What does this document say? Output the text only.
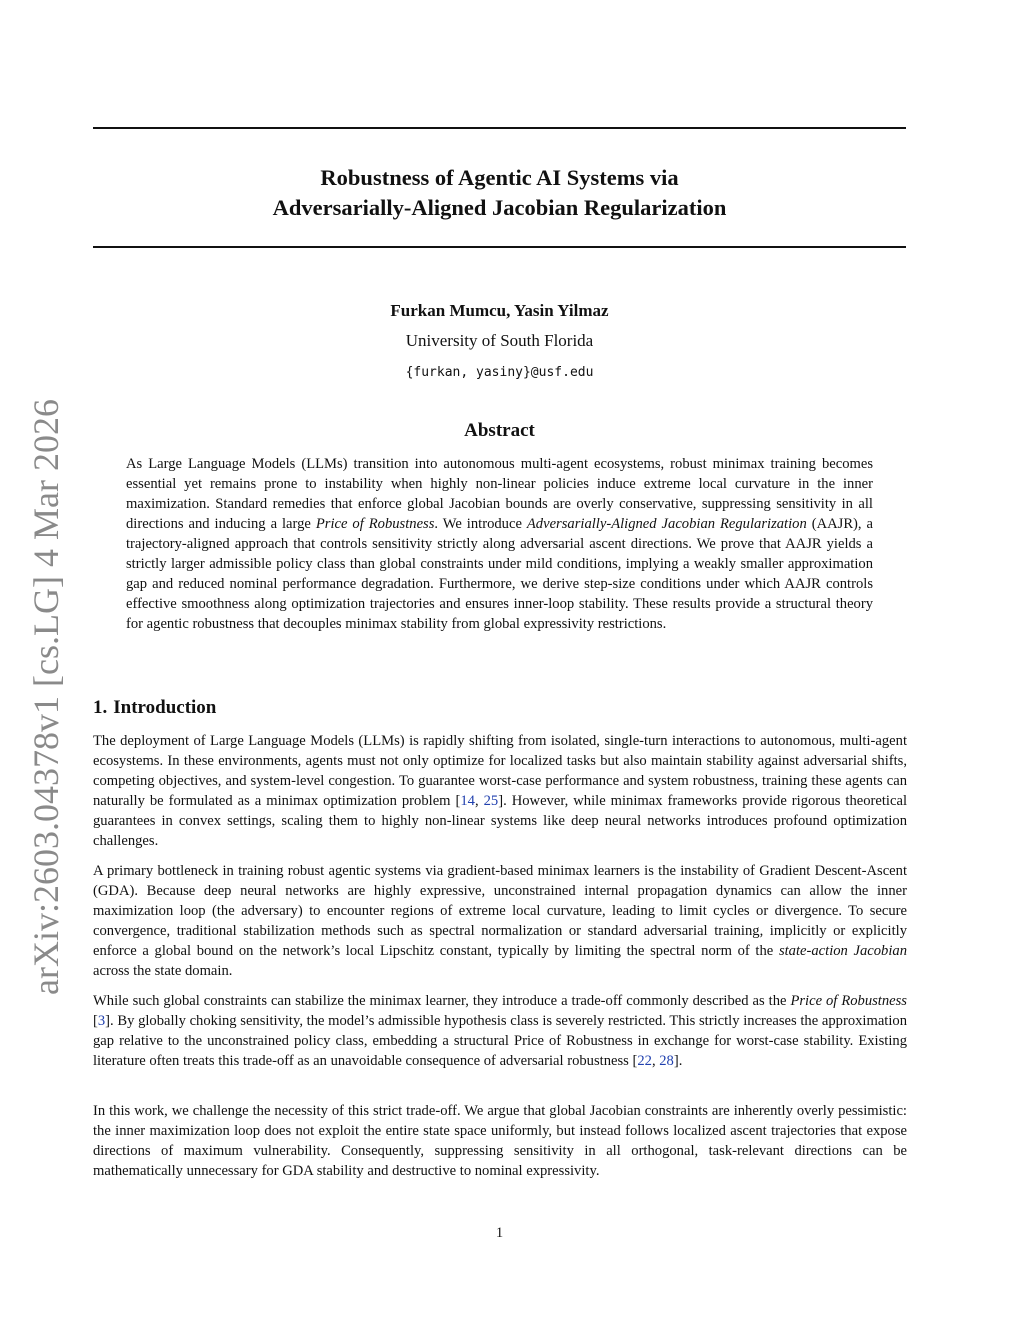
arXiv:2603.04378v1 [cs.LG] 4 Mar 2026
Robustness of Agentic AI Systems via
Adversarially-Aligned Jacobian Regularization

Furkan Mumcu, Yasin Yilmaz

University of South Florida

{furkan, yasiny}@usf.edu

Abstract

As Large Language Models (LLMs) transition into autonomous multi-agent ecosystems, robust minimax training becomes essential yet remains prone to instability when highly non-linear policies induce extreme local curvature in the inner maximization. Standard remedies that enforce global Jacobian bounds are overly conservative, suppressing sensitivity in all directions and inducing a large Price of Robustness. We introduce Adversarially-Aligned Jacobian Regularization (AAJR), a trajectory-aligned approach that controls sensitivity strictly along adversarial ascent directions. We prove that AAJR yields a strictly larger admissible policy class than global constraints under mild conditions, implying a weakly smaller approximation gap and reduced nominal performance degradation. Furthermore, we derive step-size conditions under which AAJR controls effective smoothness along optimization trajectories and ensures inner-loop stability. These results provide a structural theory for agentic robustness that decouples minimax stability from global expressivity restrictions.

1. Introduction

The deployment of Large Language Models (LLMs) is rapidly shifting from isolated, single-turn interactions to autonomous, multi-agent ecosystems. In these environments, agents must not only optimize for localized tasks but also maintain stability against adversarial shifts, competing objectives, and system-level congestion. To guarantee worst-case performance and system robustness, training these agents can naturally be formulated as a minimax optimization problem [14, 25]. However, while minimax frameworks provide rigorous theoretical guarantees in convex settings, scaling them to highly non-linear systems like deep neural networks introduces profound optimization challenges.

A primary bottleneck in training robust agentic systems via gradient-based minimax learners is the instability of Gradient Descent-Ascent (GDA). Because deep neural networks are highly expressive, unconstrained internal propagation dynamics can allow the inner maximization loop (the adversary) to encounter regions of extreme local curvature, leading to limit cycles or divergence. To secure convergence, traditional stabilization methods such as spectral normalization or standard adversarial training, implicitly or explicitly enforce a global bound on the network’s local Lipschitz constant, typically by limiting the spectral norm of the state-action Jacobian across the state domain.

While such global constraints can stabilize the minimax learner, they introduce a trade-off commonly described as the Price of Robustness [3]. By globally choking sensitivity, the model’s admissible hypothesis class is severely restricted. This strictly increases the approximation gap relative to the unconstrained policy class, embedding a structural Price of Robustness in exchange for worst-case stability. Existing literature often treats this trade-off as an unavoidable consequence of adversarial robustness [22, 28].

In this work, we challenge the necessity of this strict trade-off. We argue that global Jacobian constraints are inherently overly pessimistic: the inner maximization loop does not exploit the entire state space uniformly, but instead follows localized ascent trajectories that expose directions of maximum vulnerability. Consequently, suppressing sensitivity in all orthogonal, task-relevant directions can be mathematically unnecessary for GDA stability and destructive to nominal expressivity.

1
